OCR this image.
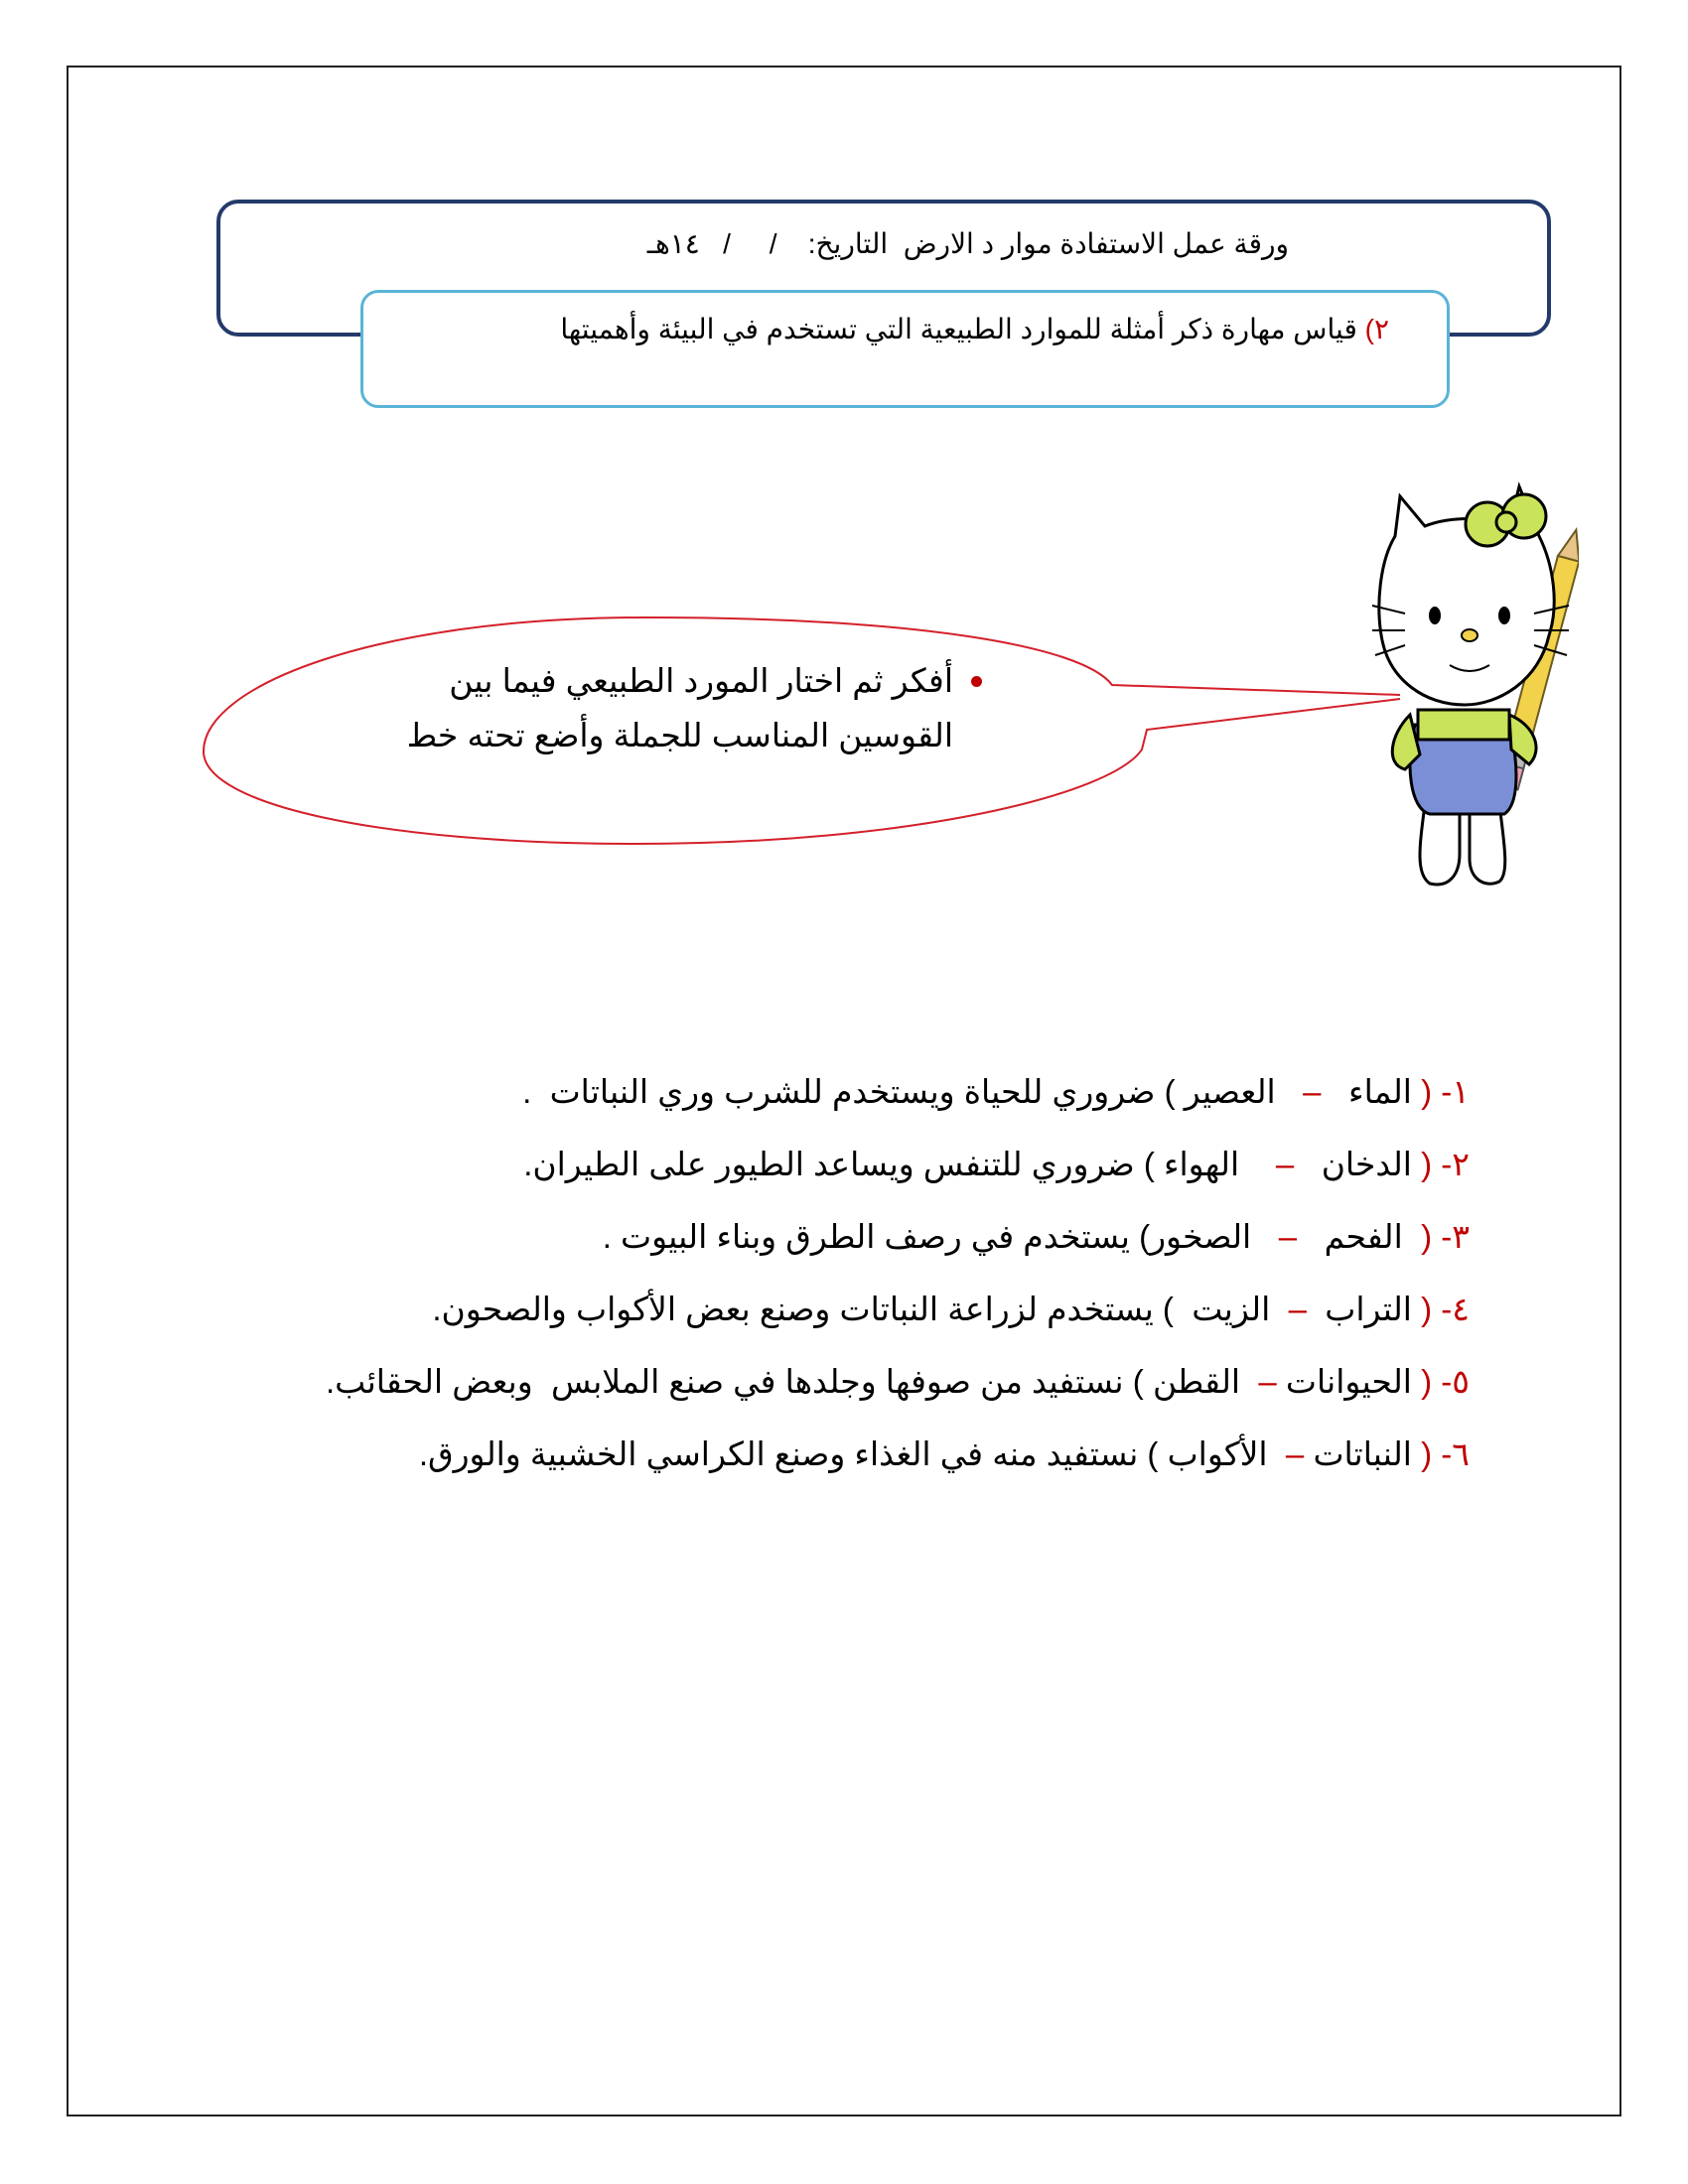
ورقة عمل الاستفادة موار د الارض  التاريخ:    /     /   ١٤هـ
٢) قياس مهارة ذكر أمثلة للموارد الطبيعية التي تستخدم في البيئة وأهميتها
أفكر ثم اختار المورد الطبيعي فيما بين
القوسين المناسب للجملة وأضع تحته خط
١- ( الماء   –   العصير ) ضروري للحياة ويستخدم للشرب وري النباتات  .
٢- ( الدخان   –    الهواء ) ضروري للتنفس ويساعد الطيور على الطيران.
٣- (  الفحم   –   الصخور) يستخدم في رصف الطرق وبناء البيوت .
٤- ( التراب  –  الزيت  ) يستخدم لزراعة النباتات وصنع بعض الأكواب والصحون.
٥- ( الحيوانات –  القطن ) نستفيد من صوفها وجلدها في صنع الملابس  وبعض الحقائب.
٦- ( النباتات –  الأكواب ) نستفيد منه في الغذاء وصنع الكراسي الخشبية والورق.
